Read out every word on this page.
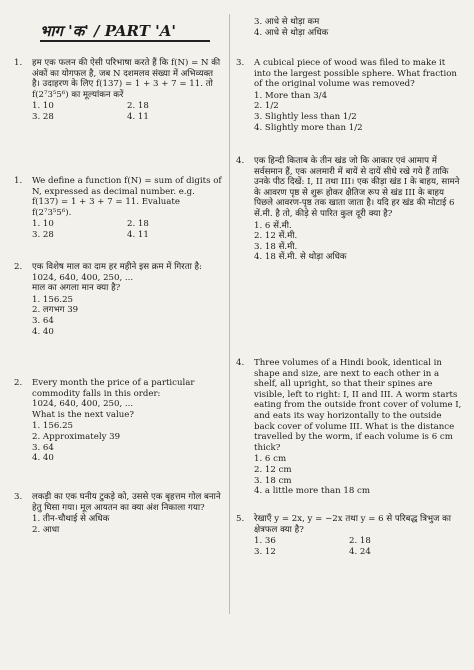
भाग 'क' / PART 'A'
1.	हम एक फलन की ऐसी परिभाषा करते हैं कि f(N) = N की अंकों का योगफल है, जब N दशमलव संख्या में अभिव्यक्त है। उदाहरण के लिए f(137) = 1 + 3 + 7 = 11. तो f(2⁷3⁵5⁶) का मूल्यांकन करें
1. 10	2. 18
3. 28	4. 11
1.	We define a function f(N) = sum of digits of N, expressed as decimal number. e.g. f(137) = 1 + 3 + 7 = 11. Evaluate f(2⁷3⁵5⁶).
1. 10	2. 18
3. 28	4. 11
2.	एक विशेष माल का दाम हर महीने इस क्रम में गिरता है:
1024, 640, 400, 250, ...
माल का अगला मान क्या है?
1. 156.25
2. लगभग 39
3. 64
4. 40
2.	Every month the price of a particular commodity falls in this order:
1024, 640, 400, 250, ...
What is the next value?
1. 156.25
2. Approximately 39
3. 64
4. 40
3.	लकड़ी का एक घनीय टुकड़े को, उससे एक बृहत्तम गोल बनाने हेतु घिसा गया। मूल आयतन का क्या अंश निकाला गया?
1. तीन-चौथाई से अधिक
2. आधा
3. आधे से थोड़ा कम
4. आधे से थोड़ा अधिक
3.	A cubical piece of wood was filed to make it into the largest possible sphere. What fraction of the original volume was removed?
1. More than 3/4
2. 1/2
3. Slightly less than 1/2
4. Slightly more than 1/2
4.	एक हिन्दी किताब के तीन खंड जो कि आकार एवं आमाप में सर्वसमान हैं, एक अलमारी में बायें से दायें सीधे रखे गये हैं ताकि उनके पीठ दिखें: I, II तथा III। एक कीड़ा खंड I के बाहय, सामने के आवरण पृष्ठ से शुरू होकर क्षैतिज रूप से खंड III के बाहय पिछले आवरण-पृष्ठ तक खाता जाता है। यदि हर खंड की मोटाई 6 सें.मी. है तो, कीड़े से पारित कुल दूरी क्या है?
1. 6 सें.मी.
2. 12 सें.मी.
3. 18 सें.मी.
4. 18 सें.मी. से थोड़ा अधिक
4.	Three volumes of a Hindi book, identical in shape and size, are next to each other in a shelf, all upright, so that their spines are visible, left to right: I, II and III. A worm starts eating from the outside front cover of volume I, and eats its way horizontally to the outside back cover of volume III. What is the distance travelled by the worm, if each volume is 6 cm thick?
1. 6 cm
2. 12 cm
3. 18 cm
4. a little more than 18 cm
5.	रेखाएँ y = 2x, y = −2x तथा y = 6 से परिबद्ध त्रिभुज का क्षेत्रफल क्या है?
1. 36	2. 18
3. 12	4. 24
